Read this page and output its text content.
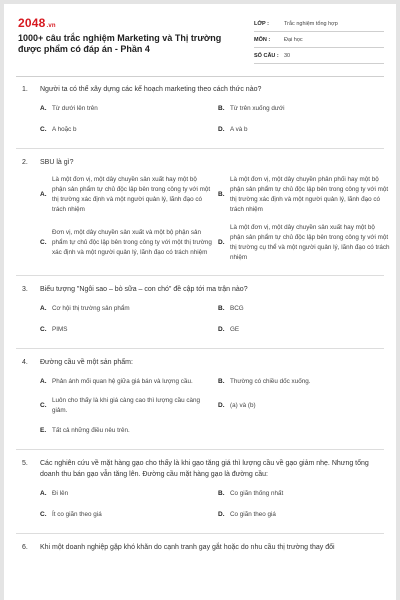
2048.vn
1000+ câu trắc nghiệm Marketing và Thị trường được phẩm có đáp án - Phần 4
LỚP :	Trắc nghiệm tổng hợp
MÔN :	Đại học
SỐ CÂU : 30
1. Người ta có thể xây dựng các kế hoạch marketing theo cách thức nào?
A. Từ dưới lên trên	B. Từ trên xuống dưới
C. A hoặc b	D. A và b
2. SBU là gì?
A.
Là một đơn vị, một dây chuyền sản xuất hay một bộ phận sản phẩm tự chủ độc lập bên trong công ty với một thị trường xác định và một người quản lý, lãnh đạo có trách nhiệm
B.
Là một đơn vị, một dây chuyền phân phối hay một bộ phận sản phẩm tự chủ độc lập bên trong công ty với một thị trường xác định và một người quản lý, lãnh đạo có trách nhiệm
C.
Đơn vị, một dây chuyền sản xuất và một bộ phận sản phẩm tự chủ độc lập bên trong công ty với một thị trường xác định và một người quản lý, lãnh đạo có trách nhiệm
D.
Là một đơn vị, một dây chuyền sản xuất hay một bộ phận sản phẩm tự chủ độc lập bên trong công ty với một thị trường cụ thể và một người quản lý, lãnh đạo có trách nhiệm
3. Biểu tượng "Ngôi sao – bò sữa – con chó" đề cập tới ma trận nào?
A. Cơ hội thị trường sản phẩm	B. BCG
C. PIMS	D. GE
4. Đường cầu về một sản phẩm:
A. Phản ánh mối quan hệ giữa giá bán và lượng cầu.	B. Thường có chiều dốc xuống.
C.
Luôn cho thấy là khi giá càng cao thì lượng cầu càng giảm.
D. (a) và (b)
E. Tất cả những điều nêu trên.
5. Các nghiên cứu về mặt hàng gạo cho thấy là khi gạo tăng giá thì lượng cầu về gạo giảm nhẹ. Nhưng tổng doanh thu bán gạo vẫn tăng lên. Đường cầu mặt hàng gạo là đường cầu:
A. Đi lên	B. Co giãn thống nhất
C. Ít co giãn theo giá	D. Co giãn theo giá
6. Khi một doanh nghiệp gặp khó khăn do cạnh tranh gay gắt hoặc do nhu cầu thị trường thay đổi
